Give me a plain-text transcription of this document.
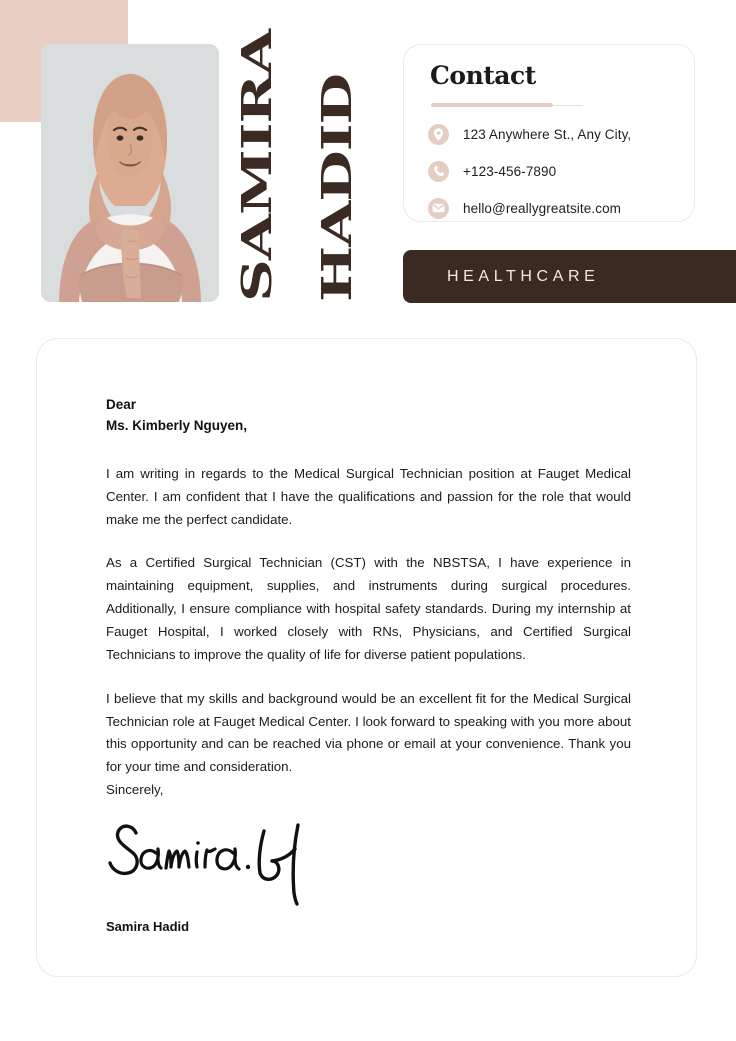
SAMIRA HADID	Contact
123 Anywhere St., Any City,
+123-456-7890
hello@reallygreatsite.com
HEALTHCARE

Dear
Ms. Kimberly Nguyen,

I am writing in regards to the Medical Surgical Technician position at Fauget Medical Center. I am confident that I have the qualifications and passion for the role that would make me the perfect candidate.

As a Certified Surgical Technician (CST) with the NBSTSA, I have experience in maintaining equipment, supplies, and instruments during surgical procedures. Additionally, I ensure compliance with hospital safety standards. During my internship at Fauget Hospital, I worked closely with RNs, Physicians, and Certified Surgical Technicians to improve the quality of life for diverse patient populations.

I believe that my skills and background would be an excellent fit for the Medical Surgical Technician role at Fauget Medical Center. I look forward to speaking with you more about this opportunity and can be reached via phone or email at your convenience. Thank you for your time and consideration.

Sincerely,

Samira Hadid
